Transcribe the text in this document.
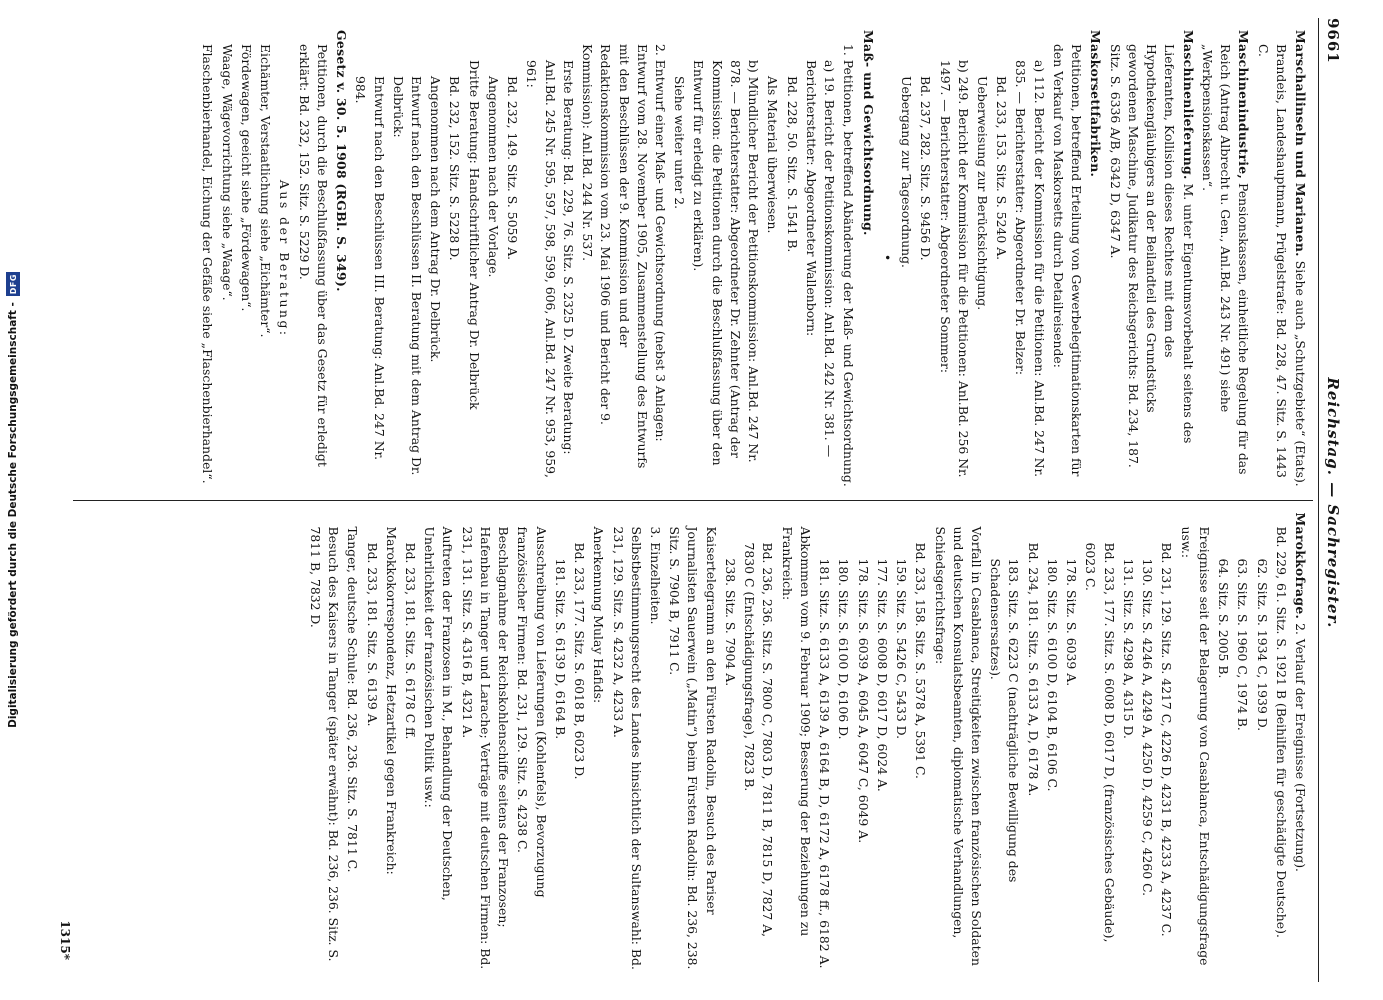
Digitalisierung gefördert durch die Deutsche Forschungsgemeinschaft -
DFG
9661
Reichstag. — Sachregister.

Marschallinseln und Marianen. Siehe auch „Schutzgebiete“ (Etats).

Brandeis, Landeshauptmann, Prügelstrafe: Bd. 228, 47. Sitz. S. 1443 C.

Maschinenindustrie, Pensionskassen, einheitliche Regelung für das Reich (Antrag Albrecht u. Gen., Anl.Bd. 243 Nr. 491) siehe „Werkpensionskassen“.

Maschinenlieferung. M. unter Eigentumsvorbehalt seitens des Lieferanten, Kollision dieses Rechtes mit dem des Hypothekengläubigers an der Beilandteil des Grundstücks gewordenen Maschine, Judikatur des Reichsgerichts: Bd. 234, 187. Sitz. S. 6336 A/B, 6342 D, 6347 A.

Maskorsettfabriken.

Petitionen, betreffend Erteilung von Gewerbelegitimationskarten für den Verkauf von Maskorsetts durch Detailreisende:

a) 112. Bericht der Kommission für die Petitionen: Anl.Bd. 247 Nr. 835. — Berichterstatter: Abgeordneter Dr. Belzer:

Bd. 233, 153. Sitz. S. 5240 A.

Ueberweisung zur Berücksichtigung.

b) 249. Bericht der Kommission für die Petitionen: Anl.Bd. 256 Nr. 1497. — Berichterstatter: Abgeordneter Sommer:

Bd. 237, 282. Sitz. S. 9456 D.

Uebergang zur Tagesordnung.

•

Maß- und Gewichtsordnung.

1. Petitionen, betreffend Abänderung der Maß- und Gewichtsordnung.

a) 19. Bericht der Petitionskommission: Anl.Bd. 242 Nr. 381. — Berichterstatter: Abgeordneter Wallenborn:

Bd. 228, 50. Sitz. S. 1541 B.

Als Material überwiesen.

b) Mündlicher Bericht der Petitionskommission: Anl.Bd. 247 Nr. 878. — Berichterstatter: Abgeordneter Dr. Zehnter (Antrag der Kommission: die Petitionen durch die Beschlußfassung über den Entwurf für erledigt zu erklären).

Siehe weiter unter 2.

2. Entwurf einer Maß- und Gewichtsordnung (nebst 3 Anlagen: Entwurf vom 28. November 1905, Zusammenstellung des Entwurfs mit den Beschlüssen der 9. Kommission und der Redaktionskommission vom 23. Mai 1906 und Bericht der 9. Kommission): Anl.Bd. 244 Nr. 537.

Erste Beratung: Bd. 229, 76. Sitz. S. 2325 D. Zweite Beratung: Anl.Bd. 245 Nr. 595, 597, 598, 599, 606, Anl.Bd. 247 Nr. 953, 959, 961:

Bd. 232, 149. Sitz. S. 5059 A.

Angenommen nach der Vorlage.

Dritte Beratung: Handschriftlicher Antrag Dr. Delbrück

Bd. 232, 152. Sitz. S. 5228 D.

Angenommen nach dem Antrag Dr. Delbrück.

Entwurf nach den Beschlüssen II. Beratung mit dem Antrag Dr. Delbrück:

Entwurf nach den Beschlüssen III. Beratung: Anl.Bd. 247 Nr. 984.

Gesetz v. 30. 5. 1908 (RGBl. S. 349).

Petitionen, durch die Beschlußfassung über das Gesetz für erledigt erklärt: Bd. 232, 152. Sitz. S. 5229 D.

Aus der Beratung:

Eichämter, Verstaatlichung siehe „Eichämter“.

Fördewagen, geeicht siehe „Fördewagen“.

Waage, Wägevorrichtung siehe „Waage“.

Flaschenbierhandel, Eichung der Gefäße siehe „Flaschenbierhandel“.

Marokkofrage. 2. Verlauf der Ereignisse (Fortsetzung).

Bd. 229, 61. Sitz. S. 1921 B (Beihilfen für geschädigte Deutsche).

62. Sitz. S. 1934 C, 1939 D.

63. Sitz. S. 1960 C, 1974 B.

64. Sitz. S. 2005 B.

Ereignisse seit der Belagerung von Casablanca, Entschädigungsfrage usw.:

Bd. 231, 129. Sitz. S. 4217 C, 4226 D, 4231 B, 4233 A, 4237 C.

130. Sitz. S. 4246 A, 4249 A, 4250 D, 4259 C, 4260 C.

131. Sitz. S. 4298 A, 4315 D.

Bd. 233, 177. Sitz. S. 6008 D, 6017 D, (französisches Gebäude), 6023 C.

178. Sitz. S. 6039 A.

180. Sitz. S. 6100 D, 6104 B, 6106 C.

Bd. 234, 181. Sitz. S. 6133 A, D, 6178 A.

183. Sitz. S. 6223 C (nachträgliche Bewilligung des Schadensersatzes).

Vorfall in Casablanca, Streitigkeiten zwischen französischen Soldaten und deutschen Konsulatsbeamten, diplomatische Verhandlungen, Schiedsgerichtsfrage:

Bd. 233, 158. Sitz. S. 5378 A, 5391 C.

159. Sitz. S. 5426 C, 5433 D.

177. Sitz. S. 6008 D, 6017 D, 6024 A.

178. Sitz. S. 6039 A, 6045 A, 6047 C, 6049 A.

180. Sitz. S. 6100 D, 6106 D.

181. Sitz. S. 6133 A, 6139 A, 6164 B, D, 6172 A, 6178 ff., 6182 A.

Abkommen vom 9. Februar 1909; Besserung der Beziehungen zu Frankreich:

Bd. 236, 236. Sitz. S. 7800 C, 7803 D, 7811 B, 7815 D, 7827 A, 7830 C (Entschädigungsfrage), 7823 B.

238. Sitz. S. 7904 A.

Kaisertelegramm an den Fürsten Radolin, Besuch des Pariser Journalisten Sauerwein („Matin“) beim Fürsten Radolin: Bd. 236, 238. Sitz. S. 7904 B, 7911 C.

3. Einzelheiten.

Selbstbestimmungsrecht des Landes hinsichtlich der Sultanswahl: Bd. 231, 129. Sitz. S. 4232 A, 4233 A.

Anerkennung Mulay Hafids:

Bd. 233, 177. Sitz. S. 6018 B, 6023 D.

181. Sitz. S. 6139 D, 6164 B.

Ausschreibung von Lieferungen (Kohlenfels), Bevorzugung französischer Firmen: Bd. 231, 129. Sitz. S. 4238 C.

Beschlagnahme der Reichskohlenschiffe seitens der Franzosen; Hafenbau in Tanger und Larache; Verträge mit deutschen Firmen: Bd. 231, 131. Sitz. S. 4316 B, 4321 A.

Auftreten der Franzosen in M., Behandlung der Deutschen, Unehrlichkeit der französischen Politik usw.:

Bd. 233, 181. Sitz. S. 6178 C ff.

Marokkokorrespondenz, Hetzartikel gegen Frankreich:

Bd. 233, 181. Sitz. S. 6139 A.

Tanger, deutsche Schule: Bd. 236, 236. Sitz. S. 7811 C.

Besuch des Kaisers in Tanger (später erwähnt): Bd. 236, 236. Sitz. S. 7811 B, 7832 D.

1315*
